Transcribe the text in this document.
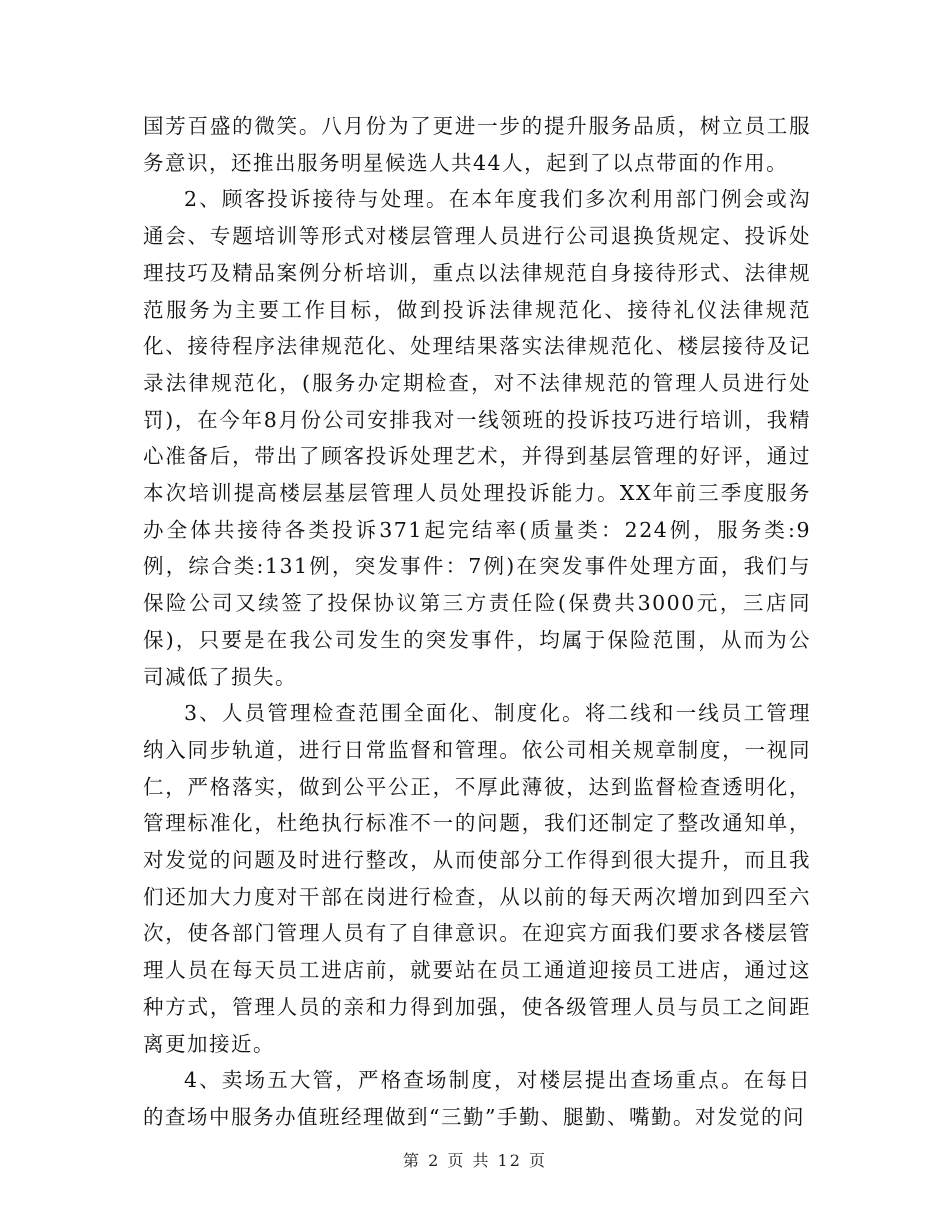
国芳百盛的微笑。八月份为了更进一步的提升服务品质，树立员工服务意识，还推出服务明星候选人共44人，起到了以点带面的作用。

2、顾客投诉接待与处理。在本年度我们多次利用部门例会或沟通会、专题培训等形式对楼层管理人员进行公司退换货规定、投诉处理技巧及精品案例分析培训，重点以法律规范自身接待形式、法律规范服务为主要工作目标，做到投诉法律规范化、接待礼仪法律规范化、接待程序法律规范化、处理结果落实法律规范化、楼层接待及记录法律规范化，(服务办定期检查，对不法律规范的管理人员进行处罚)，在今年8月份公司安排我对一线领班的投诉技巧进行培训，我精心准备后，带出了顾客投诉处理艺术，并得到基层管理的好评，通过本次培训提高楼层基层管理人员处理投诉能力。XX年前三季度服务办全体共接待各类投诉371起完结率(质量类：224例，服务类:9例，综合类:131例，突发事件：7例)在突发事件处理方面，我们与保险公司又续签了投保协议第三方责任险(保费共3000元，三店同保)，只要是在我公司发生的突发事件，均属于保险范围，从而为公司减低了损失。

3、人员管理检查范围全面化、制度化。将二线和一线员工管理纳入同步轨道，进行日常监督和管理。依公司相关规章制度，一视同仁，严格落实，做到公平公正，不厚此薄彼，达到监督检查透明化，管理标准化，杜绝执行标准不一的问题，我们还制定了整改通知单，对发觉的问题及时进行整改，从而使部分工作得到很大提升，而且我们还加大力度对干部在岗进行检查，从以前的每天两次增加到四至六次，使各部门管理人员有了自律意识。在迎宾方面我们要求各楼层管理人员在每天员工进店前，就要站在员工通道迎接员工进店，通过这种方式，管理人员的亲和力得到加强，使各级管理人员与员工之间距离更加接近。

4、卖场五大管，严格查场制度，对楼层提出查场重点。在每日的查场中服务办值班经理做到“三勤”手勤、腿勤、嘴勤。对发觉的问

第 2 页 共 12 页
